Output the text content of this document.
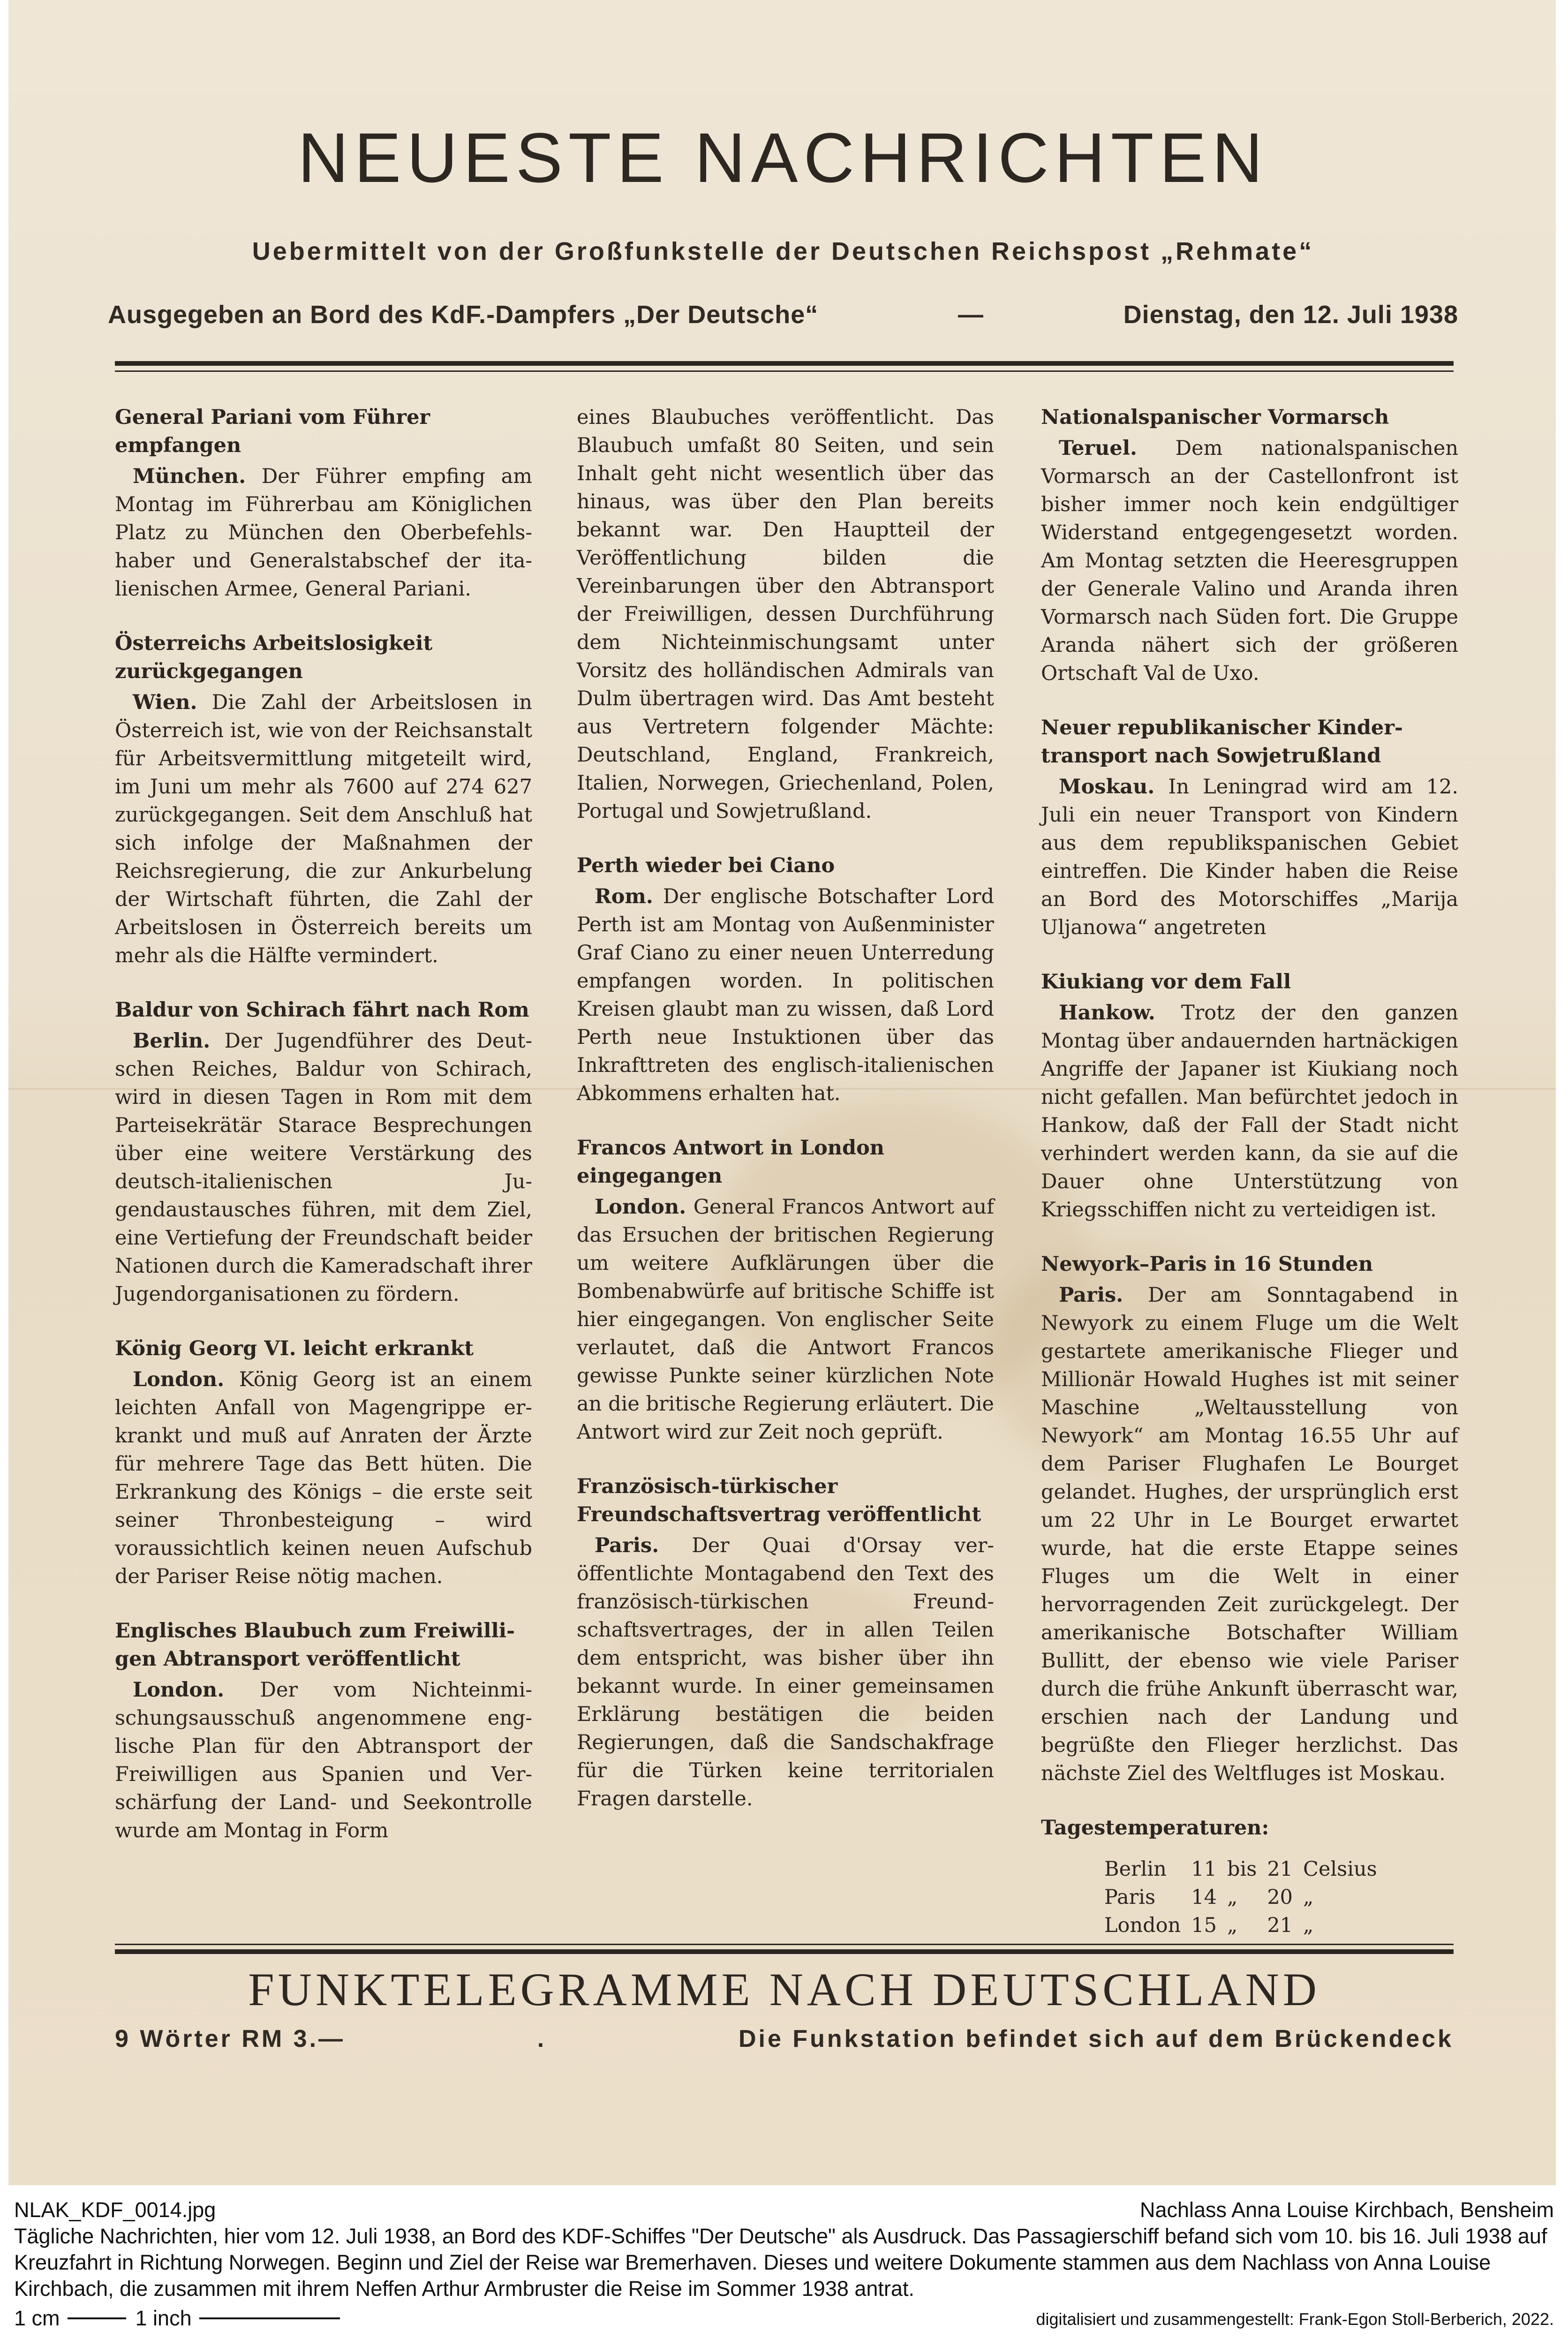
NEUESTE NACHRICHTEN
Uebermittelt von der Großfunkstelle der Deutschen Reichspost „Rehmate“
Ausgegeben an Bord des KdF.-Dampfers „Der Deutsche“	—	Dienstag, den 12. Juli 1938
General Pariani vom Führer empfangen
München. Der Führer empfing am Montag im Führerbau am Königlichen Platz zu München den Oberbefehlshaber und Generalstabschef der italienischen Armee, General Pariani.
Österreichs Arbeitslosigkeit zurückgegangen
Wien. Die Zahl der Arbeitslosen in Österreich ist, wie von der Reichsanstalt für Arbeitsvermittlung mitgeteilt wird, im Juni um mehr als 7600 auf 274 627 zurückgegangen. Seit dem Anschluß hat sich infolge der Maßnahmen der Reichsregierung, die zur Ankurbelung der Wirtschaft führten, die Zahl der Arbeitslosen in Österreich bereits um mehr als die Hälfte vermindert.
Baldur von Schirach fährt nach Rom
Berlin. Der Jugendführer des Deutschen Reiches, Baldur von Schirach, wird in diesen Tagen in Rom mit dem Parteisekrätär Starace Besprechungen über eine weitere Verstärkung des deutsch-italienischen Jugendaustausches führen, mit dem Ziel, eine Vertiefung der Freundschaft beider Nationen durch die Kameradschaft ihrer Jugendorganisationen zu fördern.
König Georg VI. leicht erkrankt
London. König Georg ist an einem leichten Anfall von Magengrippe erkrankt und muß auf Anraten der Ärzte für mehrere Tage das Bett hüten. Die Erkrankung des Königs – die erste seit seiner Thronbesteigung – wird voraussichtlich keinen neuen Aufschub der Pariser Reise nötig machen.
Englisches Blaubuch zum Freiwilligen Abtransport veröffentlicht
London. Der vom Nichteinmischungsausschuß angenommene englische Plan für den Abtransport der Freiwilligen aus Spanien und Verschärfung der Land- und Seekontrolle wurde am Montag in Form
eines Blaubuches veröffentlicht. Das Blaubuch umfaßt 80 Seiten, und sein Inhalt geht nicht wesentlich über das hinaus, was über den Plan bereits bekannt war. Den Hauptteil der Veröffentlichung bilden die Vereinbarungen über den Abtransport der Freiwilligen, dessen Durchführung dem Nichteinmischungsamt unter Vorsitz des holländischen Admirals van Dulm übertragen wird. Das Amt besteht aus Vertretern folgender Mächte: Deutschland, England, Frankreich, Italien, Norwegen, Griechenland, Polen, Portugal und Sowjetrußland.
Perth wieder bei Ciano
Rom. Der englische Botschafter Lord Perth ist am Montag von Außenminister Graf Ciano zu einer neuen Unterredung empfangen worden. In politischen Kreisen glaubt man zu wissen, daß Lord Perth neue Instuktionen über das Inkrafttreten des englisch-italienischen Abkommens erhalten hat.
Francos Antwort in London eingegangen
London. General Francos Antwort auf das Ersuchen der britischen Regierung um weitere Aufklärungen über die Bombenabwürfe auf britische Schiffe ist hier eingegangen. Von englischer Seite verlautet, daß die Antwort Francos gewisse Punkte seiner kürzlichen Note an die britische Regierung erläutert. Die Antwort wird zur Zeit noch geprüft.
Französisch-türkischer Freundschaftsvertrag veröffentlicht
Paris. Der Quai d'Orsay veröffentlichte Montagabend den Text des französisch-türkischen Freundschaftsvertrages, der in allen Teilen dem entspricht, was bisher über ihn bekannt wurde. In einer gemeinsamen Erklärung bestätigen die beiden Regierungen, daß die Sandschakfrage für die Türken keine territorialen Fragen darstelle.
Nationalspanischer Vormarsch
Teruel. Dem nationalspanischen Vormarsch an der Castellonfront ist bisher immer noch kein endgültiger Widerstand entgegengesetzt worden. Am Montag setzten die Heeresgruppen der Generale Valino und Aranda ihren Vormarsch nach Süden fort. Die Gruppe Aranda nähert sich der größeren Ortschaft Val de Uxo.
Neuer republikanischer Kindertransport nach Sowjetrußland
Moskau. In Leningrad wird am 12. Juli ein neuer Transport von Kindern aus dem republikspanischen Gebiet eintreffen. Die Kinder haben die Reise an Bord des Motorschiffes „Marija Uljanowa“ angetreten
Kiukiang vor dem Fall
Hankow. Trotz der den ganzen Montag über andauernden hartnäckigen Angriffe der Japaner ist Kiukiang noch nicht gefallen. Man befürchtet jedoch in Hankow, daß der Fall der Stadt nicht verhindert werden kann, da sie auf die Dauer ohne Unterstützung von Kriegsschiffen nicht zu verteidigen ist.
Newyork–Paris in 16 Stunden
Paris. Der am Sonntagabend in Newyork zu einem Fluge um die Welt gestartete amerikanische Flieger und Millionär Howald Hughes ist mit seiner Maschine „Weltausstellung von Newyork“ am Montag 16.55 Uhr auf dem Pariser Flughafen Le Bourget gelandet. Hughes, der ursprünglich erst um 22 Uhr in Le Bourget erwartet wurde, hat die erste Etappe seines Fluges um die Welt in einer hervorragenden Zeit zurückgelegt. Der amerikanische Botschafter William Bullitt, der ebenso wie viele Pariser durch die frühe Ankunft überrascht war, erschien nach der Landung und begrüßte den Flieger herzlichst. Das nächste Ziel des Weltfluges ist Moskau.
Tagestemperaturen:
Berlin	11	bis	21	Celsius
Paris	14	„	20	„
London	15	„	21	„
FUNKTELEGRAMME NACH DEUTSCHLAND
9 Wörter RM 3.—	.	Die Funkstation befindet sich auf dem Brückendeck
NLAK_KDF_0014.jpg	Nachlass Anna Louise Kirchbach, Bensheim
Tägliche Nachrichten, hier vom 12. Juli 1938, an Bord des KDF-Schiffes "Der Deutsche" als Ausdruck. Das Passagierschiff befand sich vom 10. bis 16. Juli 1938 auf Kreuzfahrt in Richtung Norwegen. Beginn und Ziel der Reise war Bremerhaven. Dieses und weitere Dokumente stammen aus dem Nachlass von Anna Louise Kirchbach, die zusammen mit ihrem Neffen Arthur Armbruster die Reise im Sommer 1938 antrat.
1 cm	1 inch	digitalisiert und zusammengestellt: Frank-Egon Stoll-Berberich, 2022.
